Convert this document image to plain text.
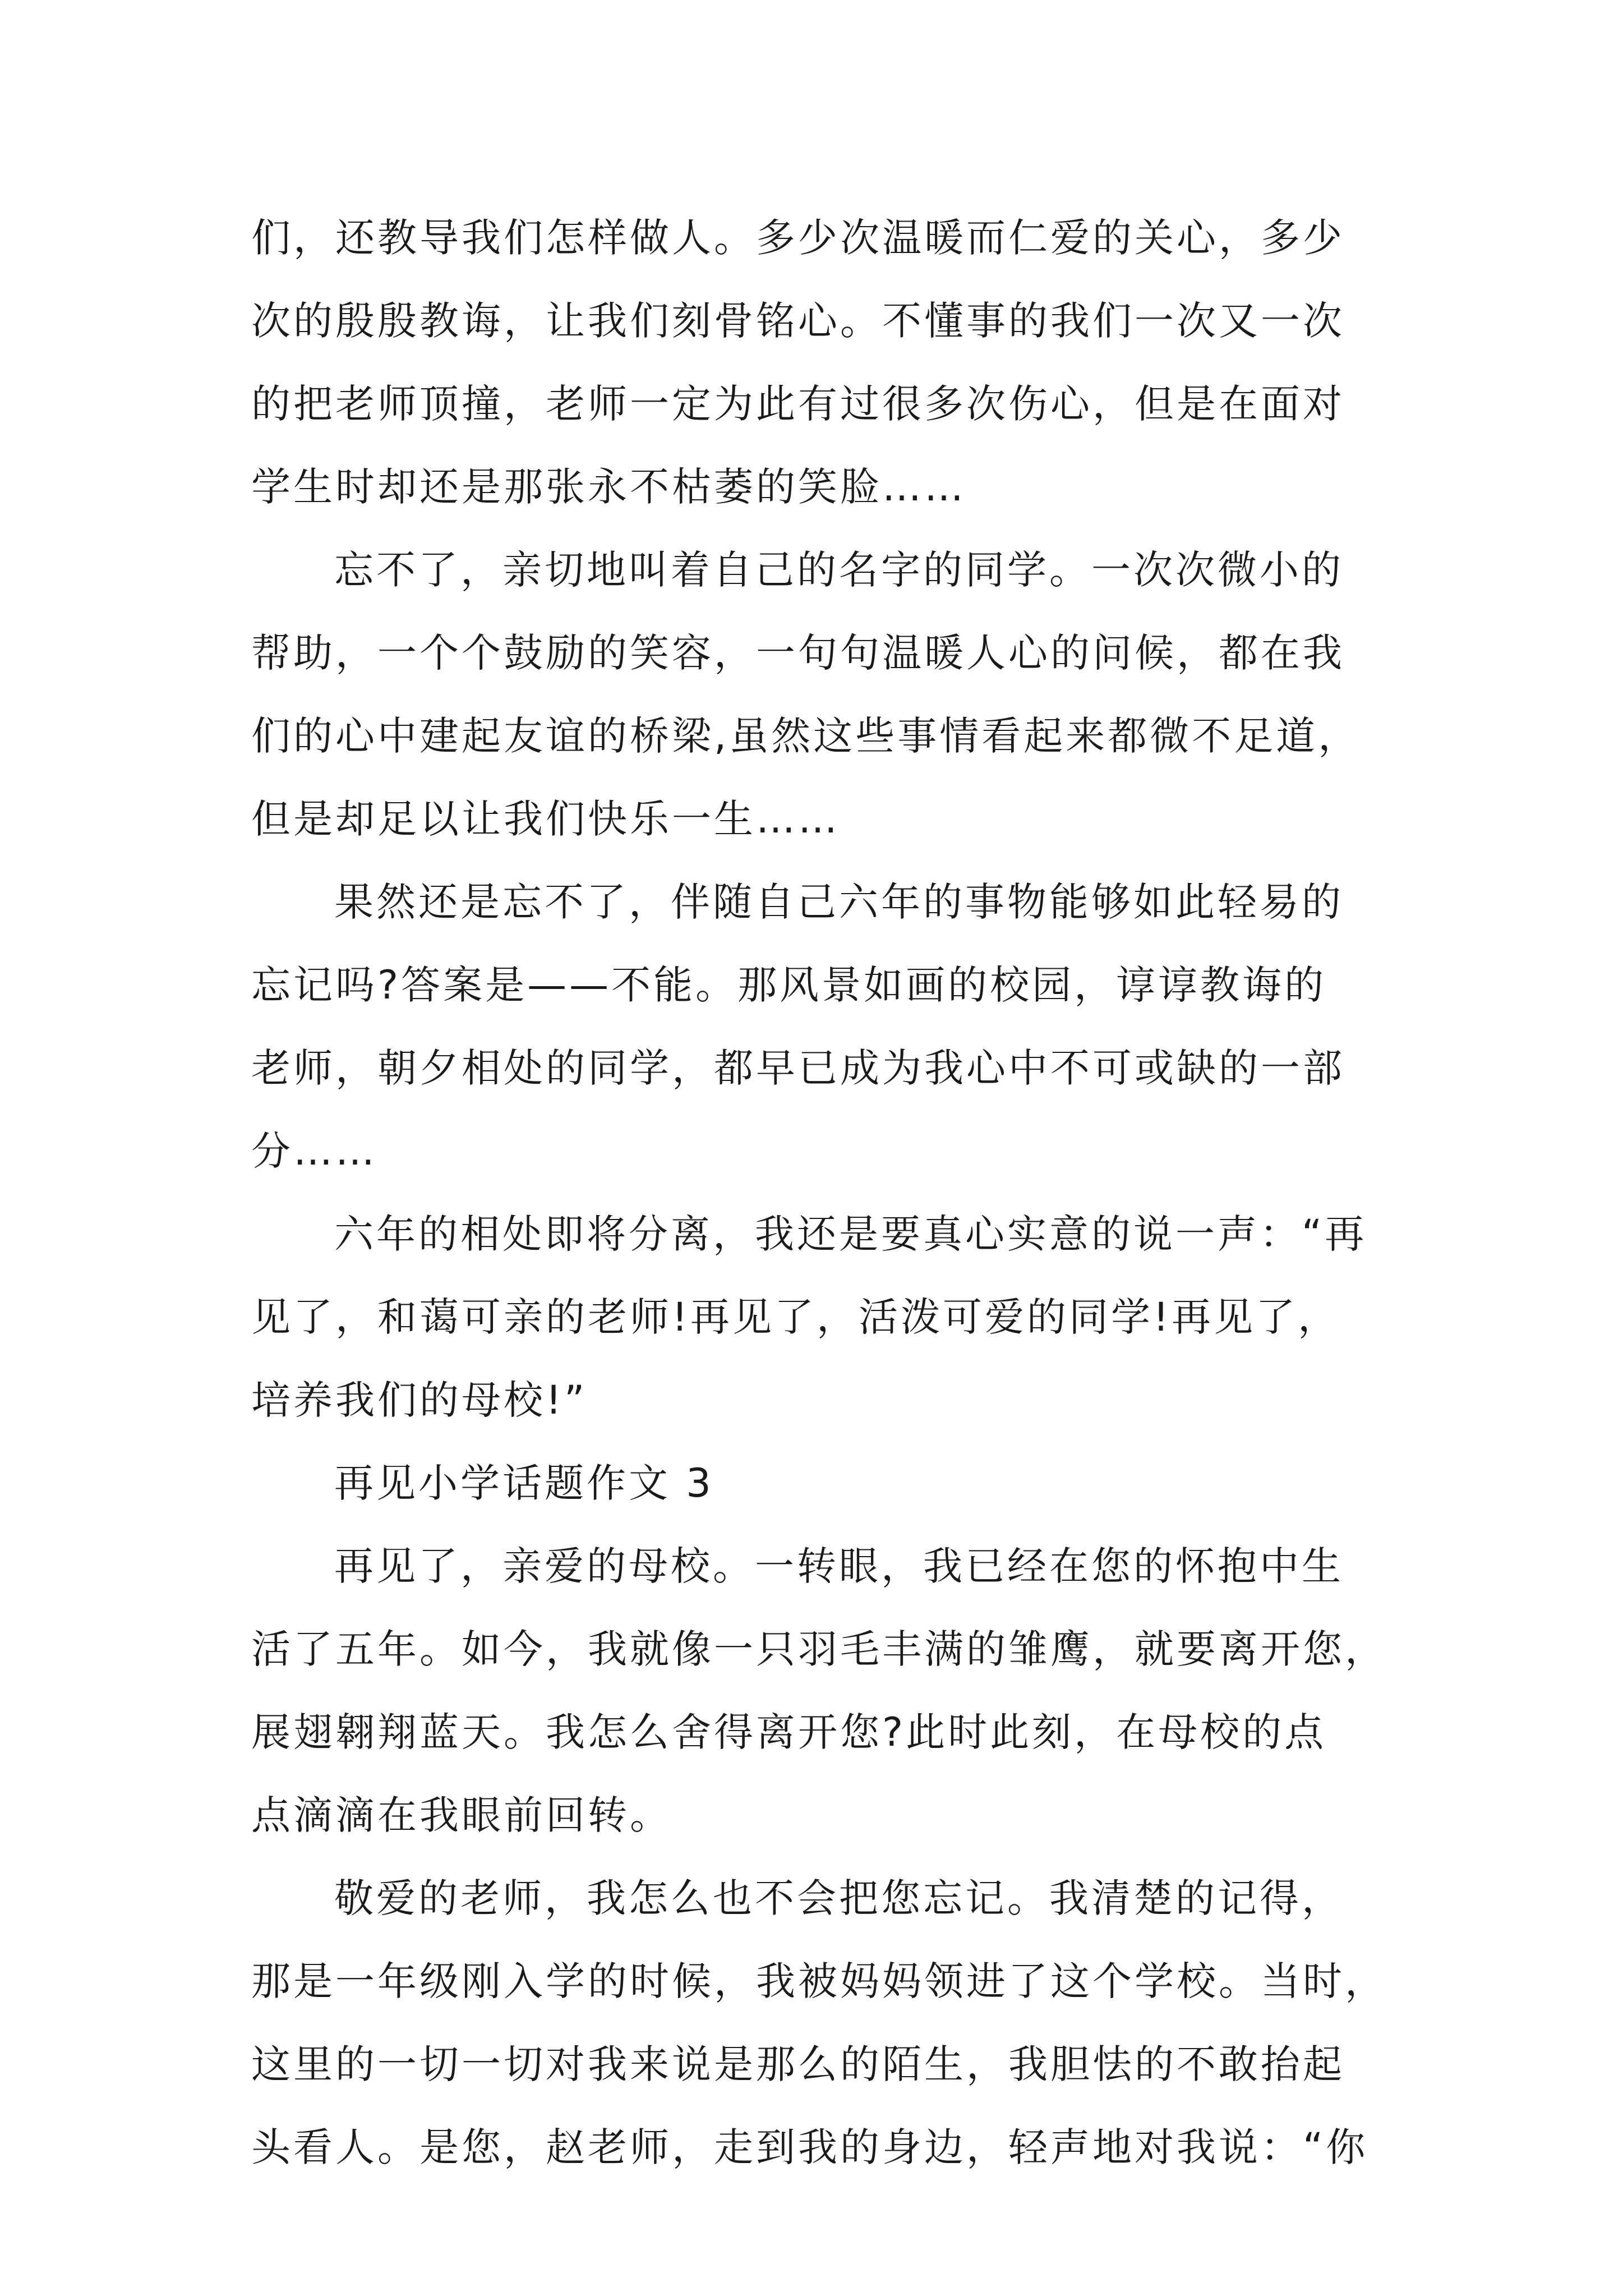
们，还教导我们怎样做人。多少次温暖而仁爱的关心，多少
次的殷殷教诲，让我们刻骨铭心。不懂事的我们一次又一次
的把老师顶撞，老师一定为此有过很多次伤心，但是在面对
学生时却还是那张永不枯萎的笑脸……
忘不了，亲切地叫着自己的名字的同学。一次次微小的
帮助，一个个鼓励的笑容，一句句温暖人心的问候，都在我
们的心中建起友谊的桥梁,虽然这些事情看起来都微不足道，
但是却足以让我们快乐一生……
果然还是忘不了，伴随自己六年的事物能够如此轻易的
忘记吗?答案是——不能。那风景如画的校园，谆谆教诲的
老师，朝夕相处的同学，都早已成为我心中不可或缺的一部
分……
六年的相处即将分离，我还是要真心实意的说一声：“再
见了，和蔼可亲的老师!再见了，活泼可爱的同学!再见了，
培养我们的母校!”
再见小学话题作文 3
再见了，亲爱的母校。一转眼，我已经在您的怀抱中生
活了五年。如今，我就像一只羽毛丰满的雏鹰，就要离开您，
展翅翱翔蓝天。我怎么舍得离开您?此时此刻，在母校的点
点滴滴在我眼前回转。
敬爱的老师，我怎么也不会把您忘记。我清楚的记得，
那是一年级刚入学的时候，我被妈妈领进了这个学校。当时，
这里的一切一切对我来说是那么的陌生，我胆怯的不敢抬起
头看人。是您，赵老师，走到我的身边，轻声地对我说：“你
